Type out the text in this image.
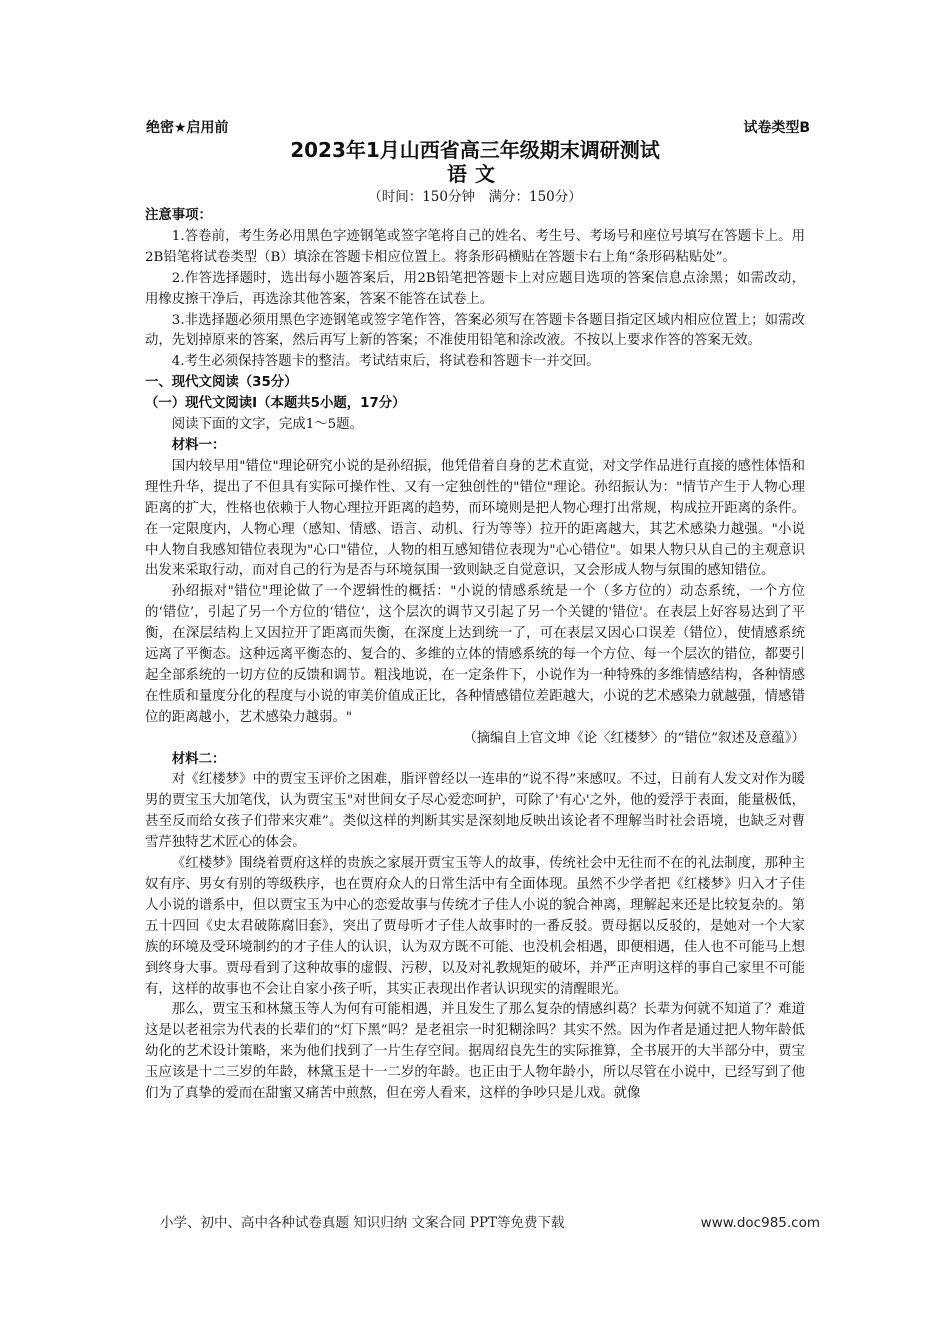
绝密★启用前	试卷类型B
2023年1月山西省高三年级期末调研测试
语文
（时间：150分钟　满分：150分）

注意事项：

1.答卷前，考生务必用黑色字迹钢笔或签字笔将自己的姓名、考生号、考场号和座位号填写在答题卡上。用2B铅笔将试卷类型（B）填涂在答题卡相应位置上。将条形码横贴在答题卡右上角“条形码粘贴处”。

2.作答选择题时，选出每小题答案后，用2B铅笔把答题卡上对应题目选项的答案信息点涂黑；如需改动，用橡皮擦干净后，再选涂其他答案，答案不能答在试卷上。

3.非选择题必须用黑色字迹钢笔或签字笔作答，答案必须写在答题卡各题目指定区域内相应位置上；如需改动，先划掉原来的答案，然后再写上新的答案；不准使用铅笔和涂改液。不按以上要求作答的答案无效。

4.考生必须保持答题卡的整洁。考试结束后，将试卷和答题卡一并交回。

一、现代文阅读（35分）

（一）现代文阅读Ⅰ（本题共5小题，17分）

阅读下面的文字，完成1～5题。

材料一：

国内较早用"错位"理论研究小说的是孙绍振，他凭借着自身的艺术直觉，对文学作品进行直接的感性体悟和理性升华，提出了不但具有实际可操作性、又有一定独创性的"错位"理论。孙绍振认为："情节产生于人物心理距离的扩大，性格也依赖于人物心理拉开距离的趋势，而环境则是把人物心理打出常规，构成拉开距离的条件。在一定限度内，人物心理（感知、情感、语言、动机、行为等等）拉开的距离越大，其艺术感染力越强。"小说中人物自我感知错位表现为"心口"错位，人物的相互感知错位表现为"心心错位"。如果人物只从自己的主观意识出发来采取行动，而对自己的行为是否与环境氛围一致则缺乏自觉意识，又会形成人物与氛围的感知错位。

孙绍振对"错位"理论做了一个逻辑性的概括："小说的情感系统是一个（多方位的）动态系统，一个方位的‘错位’，引起了另一个方位的‘错位’，这个层次的调节又引起了另一个关键的'错位'。在表层上好容易达到了平衡，在深层结构上又因拉开了距离而失衡，在深度上达到统一了，可在表层又因心口误差（错位），使情感系统远离了平衡态。这种远离平衡态的、复合的、多维的立体的情感系统的每一个方位、每一个层次的错位，都要引起全部系统的一切方位的反馈和调节。粗浅地说，在一定条件下，小说作为一种特殊的多维情感结构，各种情感在性质和量度分化的程度与小说的审美价值成正比，各种情感错位差距越大，小说的艺术感染力就越强，情感错位的距离越小，艺术感染力越弱。"

（摘编自上官文坤《论〈红楼梦〉的“错位”叙述及意蕴》）

材料二：

对《红楼梦》中的贾宝玉评价之困难，脂评曾经以一连串的“说不得”来感叹。不过，日前有人发文对作为暖男的贾宝玉大加笔伐，认为贾宝玉"对世间女子尽心爱恋呵护，可除了'有心'之外，他的爱浮于表面，能量极低，甚至反而给女孩子们带来灾难”。类似这样的判断其实是深刻地反映出该论者不理解当时社会语境，也缺乏对曹雪芹独特艺术匠心的体会。

《红楼梦》围绕着贾府这样的贵族之家展开贾宝玉等人的故事，传统社会中无往而不在的礼法制度，那种主奴有序、男女有别的等级秩序，也在贾府众人的日常生活中有全面体现。虽然不少学者把《红楼梦》归入才子佳人小说的谱系中，但以贾宝玉为中心的恋爱故事与传统才子佳人小说的貌合神离，理解起来还是比较复杂的。第五十四回《史太君破陈腐旧套》，突出了贾母听才子佳人故事时的一番反驳。贾母据以反驳的，是她对一个大家族的环境及受环境制约的才子佳人的认识，认为双方既不可能、也没机会相遇，即便相遇，佳人也不可能马上想到终身大事。贾母看到了这种故事的虚假、污秽，以及对礼教规矩的破坏，并严正声明这样的事自己家里不可能有，这样的故事也不会让自家小孩子听，其实正表现出作者认识现实的清醒眼光。

那么，贾宝玉和林黛玉等人为何有可能相遇，并且发生了那么复杂的情感纠葛？长辈为何就不知道了？难道这是以老祖宗为代表的长辈们的“灯下黑”吗？是老祖宗一时犯糊涂吗？其实不然。因为作者是通过把人物年龄低幼化的艺术设计策略，来为他们找到了一片生存空间。据周绍良先生的实际推算，全书展开的大半部分中，贾宝玉应该是十二三岁的年龄，林黛玉是十一二岁的年龄。也正由于人物年龄小，所以尽管在小说中，已经写到了他们为了真挚的爱而在甜蜜又痛苦中煎熬，但在旁人看来，这样的争吵只是儿戏。就像

小学、初中、高中各种试卷真题 知识归纳 文案合同 PPT等免费下载	www.doc985.com
